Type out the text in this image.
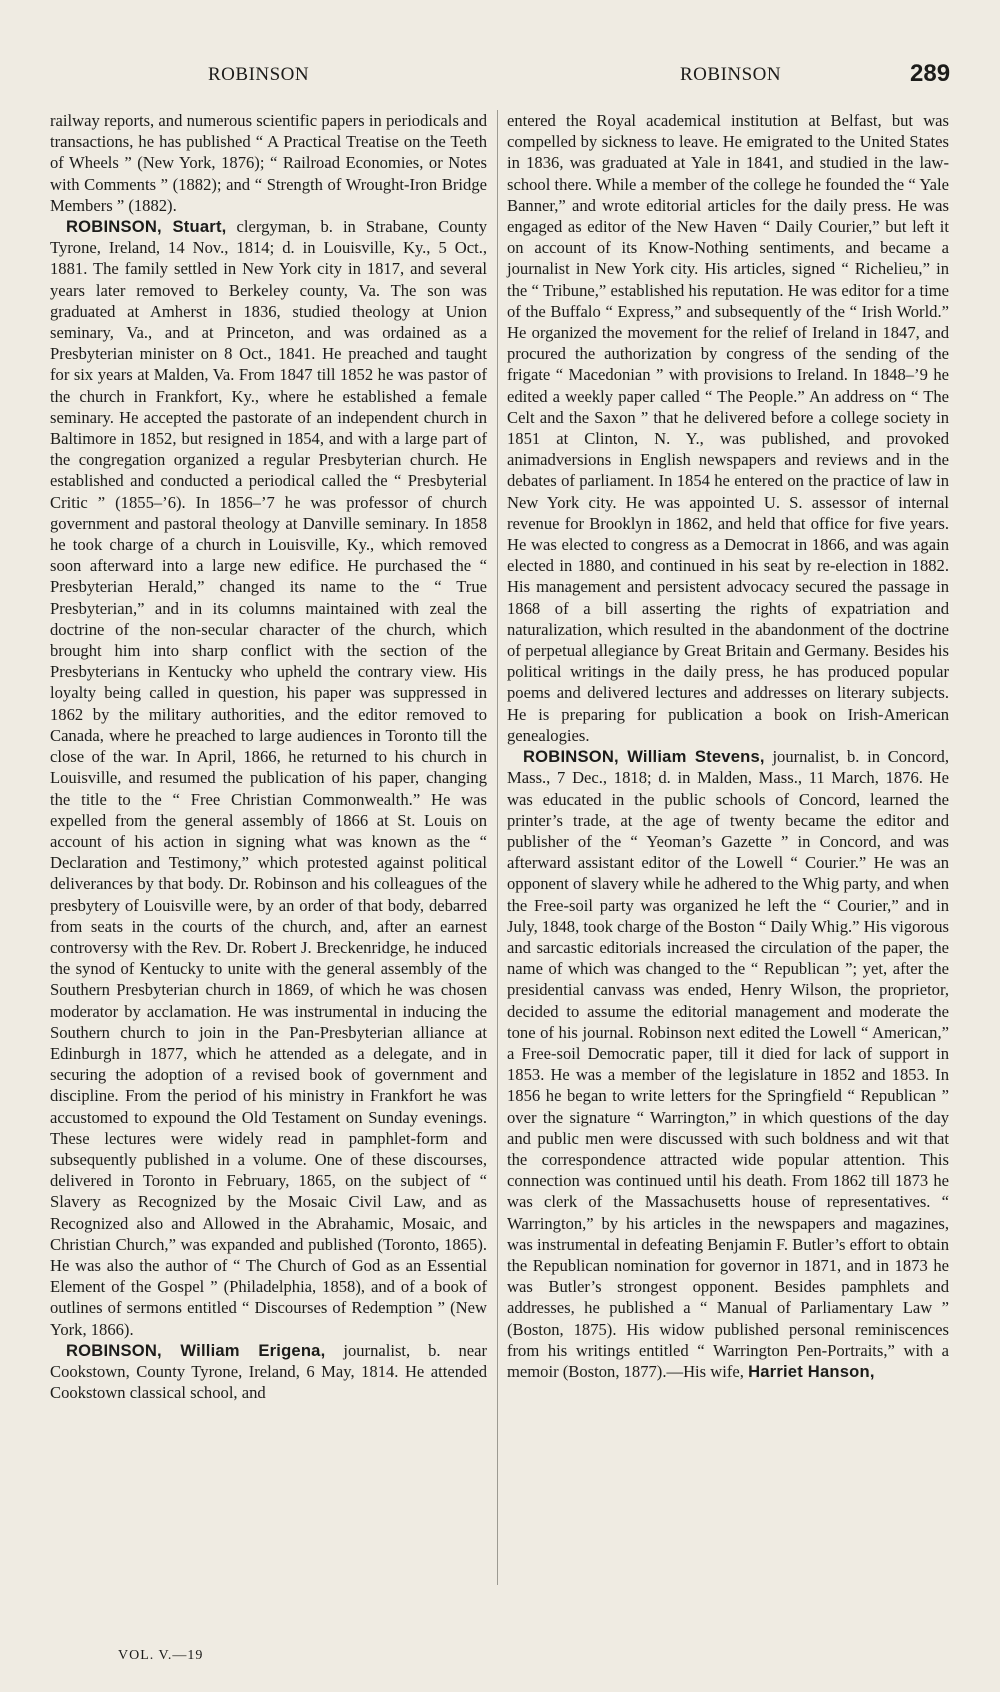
ROBINSON	ROBINSON	289

railway reports, and numerous scientific papers in periodicals and transactions, he has published “ A Practical Treatise on the Teeth of Wheels ” (New York, 1876); “ Railroad Economies, or Notes with Comments ” (1882); and “ Strength of Wrought-Iron Bridge Members ” (1882).

ROBINSON, Stuart, clergyman, b. in Strabane, County Tyrone, Ireland, 14 Nov., 1814; d. in Louisville, Ky., 5 Oct., 1881. The family settled in New York city in 1817, and several years later removed to Berkeley county, Va. The son was graduated at Amherst in 1836, studied theology at Union seminary, Va., and at Princeton, and was ordained as a Presbyterian minister on 8 Oct., 1841. He preached and taught for six years at Malden, Va. From 1847 till 1852 he was pastor of the church in Frankfort, Ky., where he established a female seminary. He accepted the pastorate of an independent church in Baltimore in 1852, but resigned in 1854, and with a large part of the congregation organized a regular Presbyterian church. He established and conducted a periodical called the “ Presbyterial Critic ” (1855–’6). In 1856–’7 he was professor of church government and pastoral theology at Danville seminary. In 1858 he took charge of a church in Louisville, Ky., which removed soon afterward into a large new edifice. He purchased the “ Presbyterian Herald,” changed its name to the “ True Presbyterian,” and in its columns maintained with zeal the doctrine of the non-secular character of the church, which brought him into sharp conflict with the section of the Presbyterians in Kentucky who upheld the contrary view. His loyalty being called in question, his paper was suppressed in 1862 by the military authorities, and the editor removed to Canada, where he preached to large audiences in Toronto till the close of the war. In April, 1866, he returned to his church in Louisville, and resumed the publication of his paper, changing the title to the “ Free Christian Commonwealth.” He was expelled from the general assembly of 1866 at St. Louis on account of his action in signing what was known as the “ Declaration and Testimony,” which protested against political deliverances by that body. Dr. Robinson and his colleagues of the presbytery of Louisville were, by an order of that body, debarred from seats in the courts of the church, and, after an earnest controversy with the Rev. Dr. Robert J. Breckenridge, he induced the synod of Kentucky to unite with the general assembly of the Southern Presbyterian church in 1869, of which he was chosen moderator by acclamation. He was instrumental in inducing the Southern church to join in the Pan-Presbyterian alliance at Edinburgh in 1877, which he attended as a delegate, and in securing the adoption of a revised book of government and discipline. From the period of his ministry in Frankfort he was accustomed to expound the Old Testament on Sunday evenings. These lectures were widely read in pamphlet-form and subsequently published in a volume. One of these discourses, delivered in Toronto in February, 1865, on the subject of “ Slavery as Recognized by the Mosaic Civil Law, and as Recognized also and Allowed in the Abrahamic, Mosaic, and Christian Church,” was expanded and published (Toronto, 1865). He was also the author of “ The Church of God as an Essential Element of the Gospel ” (Philadelphia, 1858), and of a book of outlines of sermons entitled “ Discourses of Redemption ” (New York, 1866).

ROBINSON, William Erigena, journalist, b. near Cookstown, County Tyrone, Ireland, 6 May, 1814. He attended Cookstown classical school, and

entered the Royal academical institution at Belfast, but was compelled by sickness to leave. He emigrated to the United States in 1836, was graduated at Yale in 1841, and studied in the law-school there. While a member of the college he founded the “ Yale Banner,” and wrote editorial articles for the daily press. He was engaged as editor of the New Haven “ Daily Courier,” but left it on account of its Know-Nothing sentiments, and became a journalist in New York city. His articles, signed “ Richelieu,” in the “ Tribune,” established his reputation. He was editor for a time of the Buffalo “ Express,” and subsequently of the “ Irish World.” He organized the movement for the relief of Ireland in 1847, and procured the authorization by congress of the sending of the frigate “ Macedonian ” with provisions to Ireland. In 1848–’9 he edited a weekly paper called “ The People.” An address on “ The Celt and the Saxon ” that he delivered before a college society in 1851 at Clinton, N. Y., was published, and provoked animadversions in English newspapers and reviews and in the debates of parliament. In 1854 he entered on the practice of law in New York city. He was appointed U. S. assessor of internal revenue for Brooklyn in 1862, and held that office for five years. He was elected to congress as a Democrat in 1866, and was again elected in 1880, and continued in his seat by re-election in 1882. His management and persistent advocacy secured the passage in 1868 of a bill asserting the rights of expatriation and naturalization, which resulted in the abandonment of the doctrine of perpetual allegiance by Great Britain and Germany. Besides his political writings in the daily press, he has produced popular poems and delivered lectures and addresses on literary subjects. He is preparing for publication a book on Irish-American genealogies.

ROBINSON, William Stevens, journalist, b. in Concord, Mass., 7 Dec., 1818; d. in Malden, Mass., 11 March, 1876. He was educated in the public schools of Concord, learned the printer’s trade, at the age of twenty became the editor and publisher of the “ Yeoman’s Gazette ” in Concord, and was afterward assistant editor of the Lowell “ Courier.” He was an opponent of slavery while he adhered to the Whig party, and when the Free-soil party was organized he left the “ Courier,” and in July, 1848, took charge of the Boston “ Daily Whig.” His vigorous and sarcastic editorials increased the circulation of the paper, the name of which was changed to the “ Republican ”; yet, after the presidential canvass was ended, Henry Wilson, the proprietor, decided to assume the editorial management and moderate the tone of his journal. Robinson next edited the Lowell “ American,” a Free-soil Democratic paper, till it died for lack of support in 1853. He was a member of the legislature in 1852 and 1853. In 1856 he began to write letters for the Springfield “ Republican ” over the signature “ Warrington,” in which questions of the day and public men were discussed with such boldness and wit that the correspondence attracted wide popular attention. This connection was continued until his death. From 1862 till 1873 he was clerk of the Massachusetts house of representatives. “ Warrington,” by his articles in the newspapers and magazines, was instrumental in defeating Benjamin F. Butler’s effort to obtain the Republican nomination for governor in 1871, and in 1873 he was Butler’s strongest opponent. Besides pamphlets and addresses, he published a “ Manual of Parliamentary Law ” (Boston, 1875). His widow published personal reminiscences from his writings entitled “ Warrington Pen-Portraits,” with a memoir (Boston, 1877).—His wife, Harriet Hanson,

VOL. V.—19
